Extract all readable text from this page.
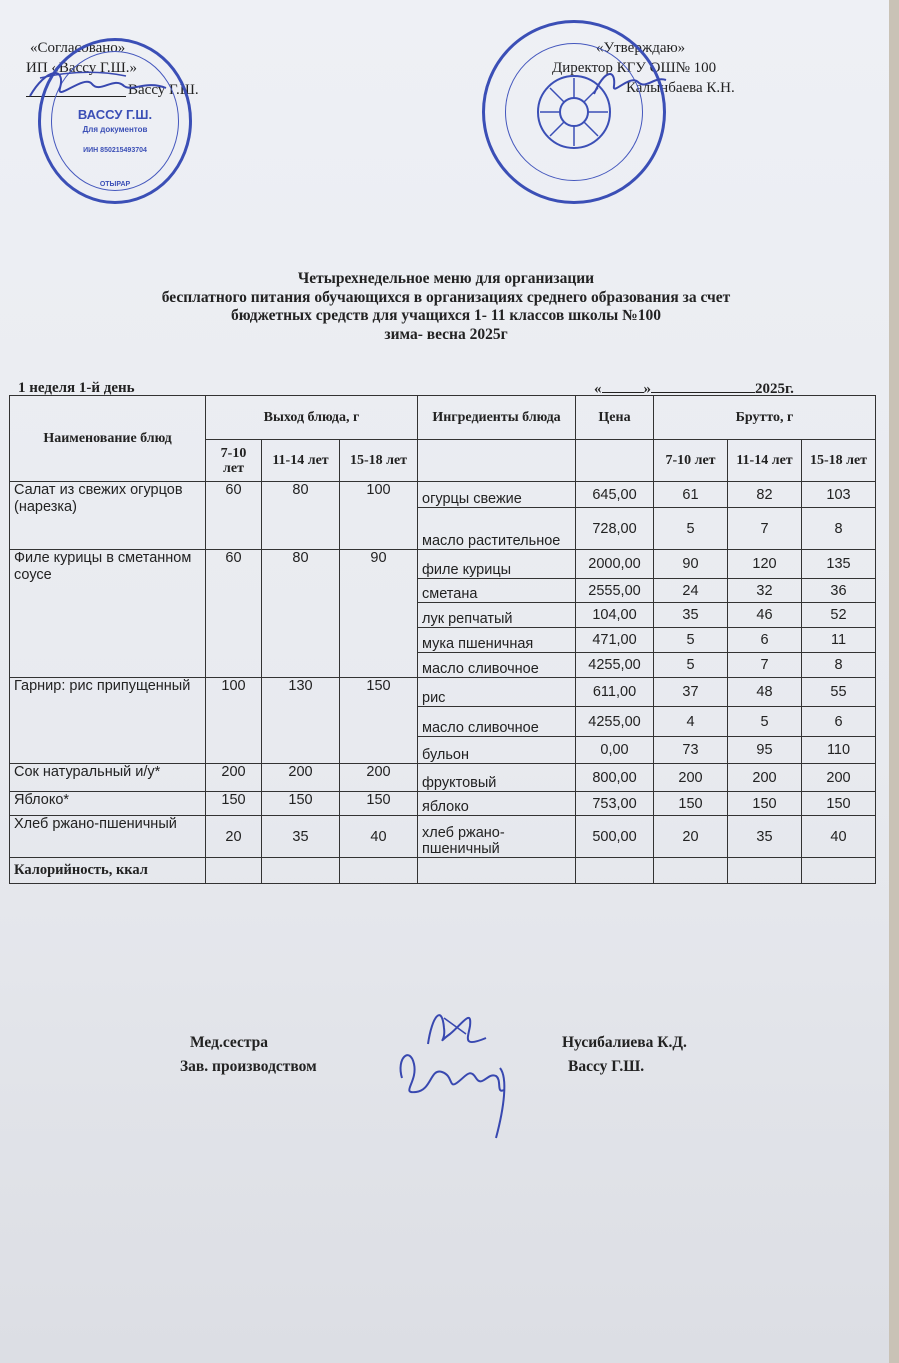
«Согласовано»
ИП «Вассу Г.Ш.»
Вассу Г.Ш.
«Утверждаю»
Директор КГУ ОШ№ 100
Калынбаева К.Н.
ВАССУ Г.Ш.
Для документов
ИИН 850215493704
ОТЫРАР
Четырехнедельное меню для организации
бесплатного питания обучающихся в организациях среднего образования за счет
бюджетных средств для учащихся 1- 11 классов школы №100
зима- весна 2025г
1 неделя 1-й день	«	»	2025г.
Наименование блюд	Выход блюда, г			Ингредиенты блюда	Цена	Брутто, г		
	7-10 лет	11-14 лет	15-18 лет			7-10 лет	11-14 лет	15-18 лет
Салат из свежих огурцов (нарезка)	60	80	100	огурцы свежие	645,00	61	82	103
				масло растительное	728,00	5	7	8
Филе курицы в сметанном соусе	60	80	90	филе курицы	2000,00	90	120	135
				сметана	2555,00	24	32	36
				лук репчатый	104,00	35	46	52
				мука пшеничная	471,00	5	6	11
				масло сливочное	4255,00	5	7	8
Гарнир: рис припущенный	100	130	150	рис	611,00	37	48	55
				масло сливочное	4255,00	4	5	6
				бульон	0,00	73	95	110
Сок натуральный и/у*	200	200	200	фруктовый	800,00	200	200	200
Яблоко*	150	150	150	яблоко	753,00	150	150	150
Хлеб ржано-пшеничный	20	35	40	хлеб ржано-пшеничный	500,00	20	35	40
Калорийность, ккал								
Мед.сестра
Зав. производством
Нусибалиева К.Д.
Вассу Г.Ш.
